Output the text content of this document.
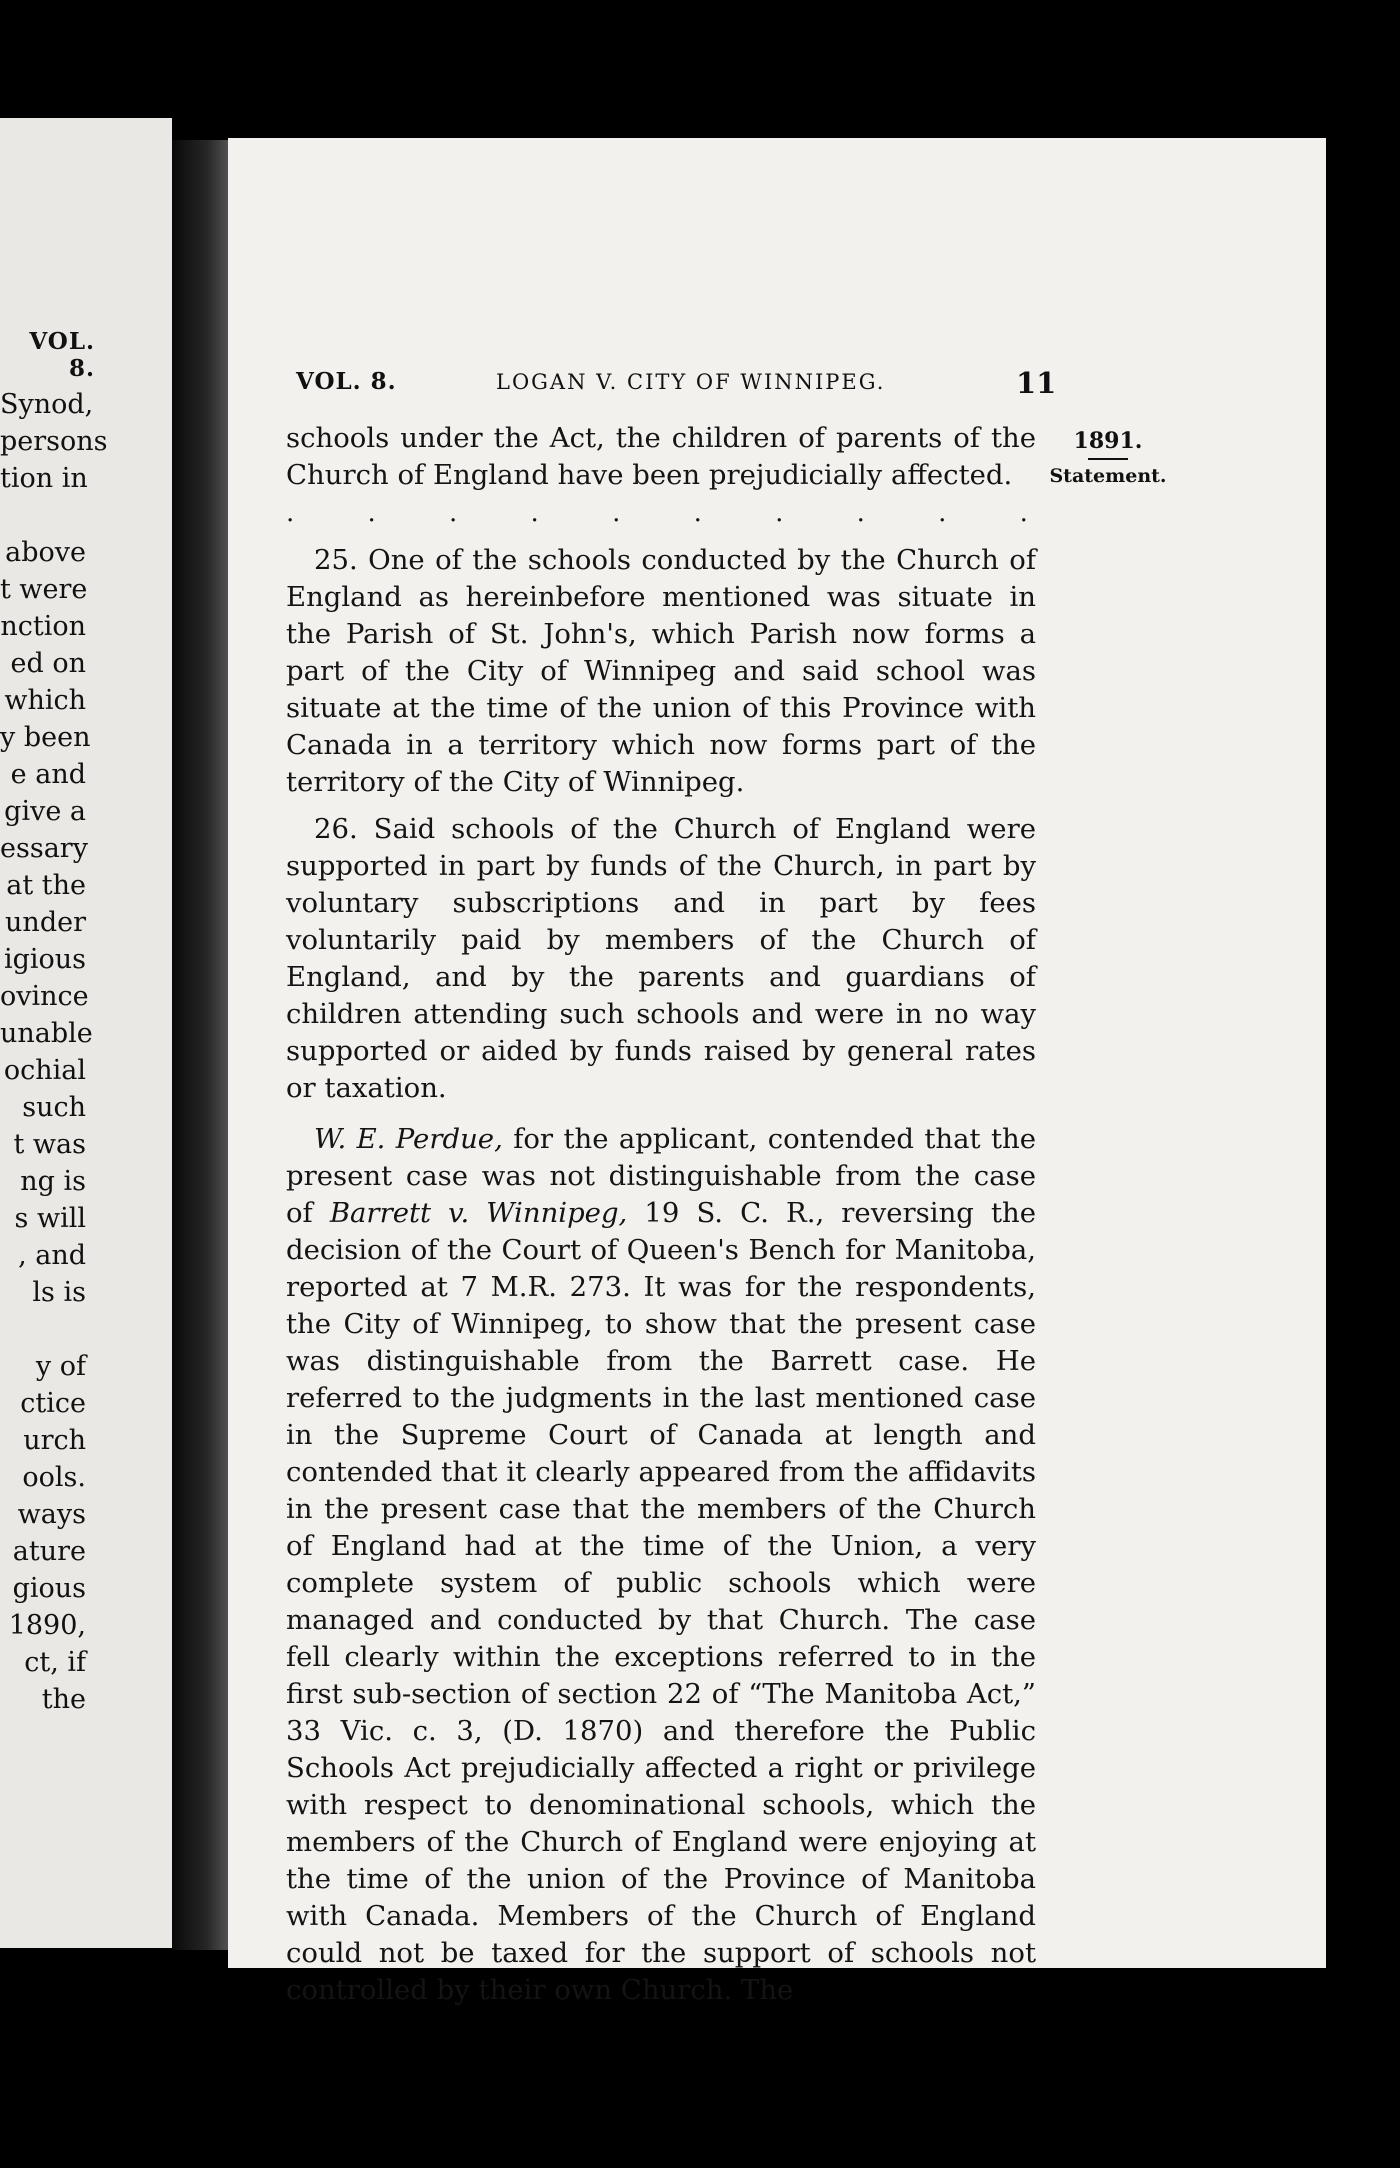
VOL. 8.
Synod,
persons
tion in
above
t were
nction
ed on
which
y been
e and
give a
essary
at the
under
igious
ovince
unable
ochial
such
t was
ng is
s will
, and
ls is
y of
ctice
urch
ools.
ways
ature
gious
1890,
ct, if
the
VOL. 8.	LOGAN V. CITY OF WINNIPEG.	11
1891.
Statement.

schools under the Act, the children of parents of the Church of England have been prejudicially affected.

.	.	.	.	.	.	.	.	.	.

25. One of the schools conducted by the Church of England as hereinbefore mentioned was situate in the Parish of St. John's, which Parish now forms a part of the City of Winnipeg and said school was situate at the time of the union of this Province with Canada in a territory which now forms part of the territory of the City of Winnipeg.

26. Said schools of the Church of England were supported in part by funds of the Church, in part by voluntary subscriptions and in part by fees voluntarily paid by members of the Church of England, and by the parents and guardians of children attending such schools and were in no way supported or aided by funds raised by general rates or taxation.

W. E. Perdue, for the applicant, contended that the present case was not distinguishable from the case of Barrett v. Winnipeg, 19 S. C. R., reversing the decision of the Court of Queen's Bench for Manitoba, reported at 7 M.R. 273. It was for the respondents, the City of Winnipeg, to show that the present case was distinguishable from the Barrett case. He referred to the judgments in the last mentioned case in the Supreme Court of Canada at length and contended that it clearly appeared from the affidavits in the present case that the members of the Church of England had at the time of the Union, a very complete system of public schools which were managed and conducted by that Church. The case fell clearly within the exceptions referred to in the first sub-section of section 22 of “The Manitoba Act,” 33 Vic. c. 3, (D. 1870) and therefore the Public Schools Act prejudicially affected a right or privilege with respect to denominational schools, which the members of the Church of England were enjoying at the time of the union of the Province of Manitoba with Canada. Members of the Church of England could not be taxed for the support of schools not controlled by their own Church. The
